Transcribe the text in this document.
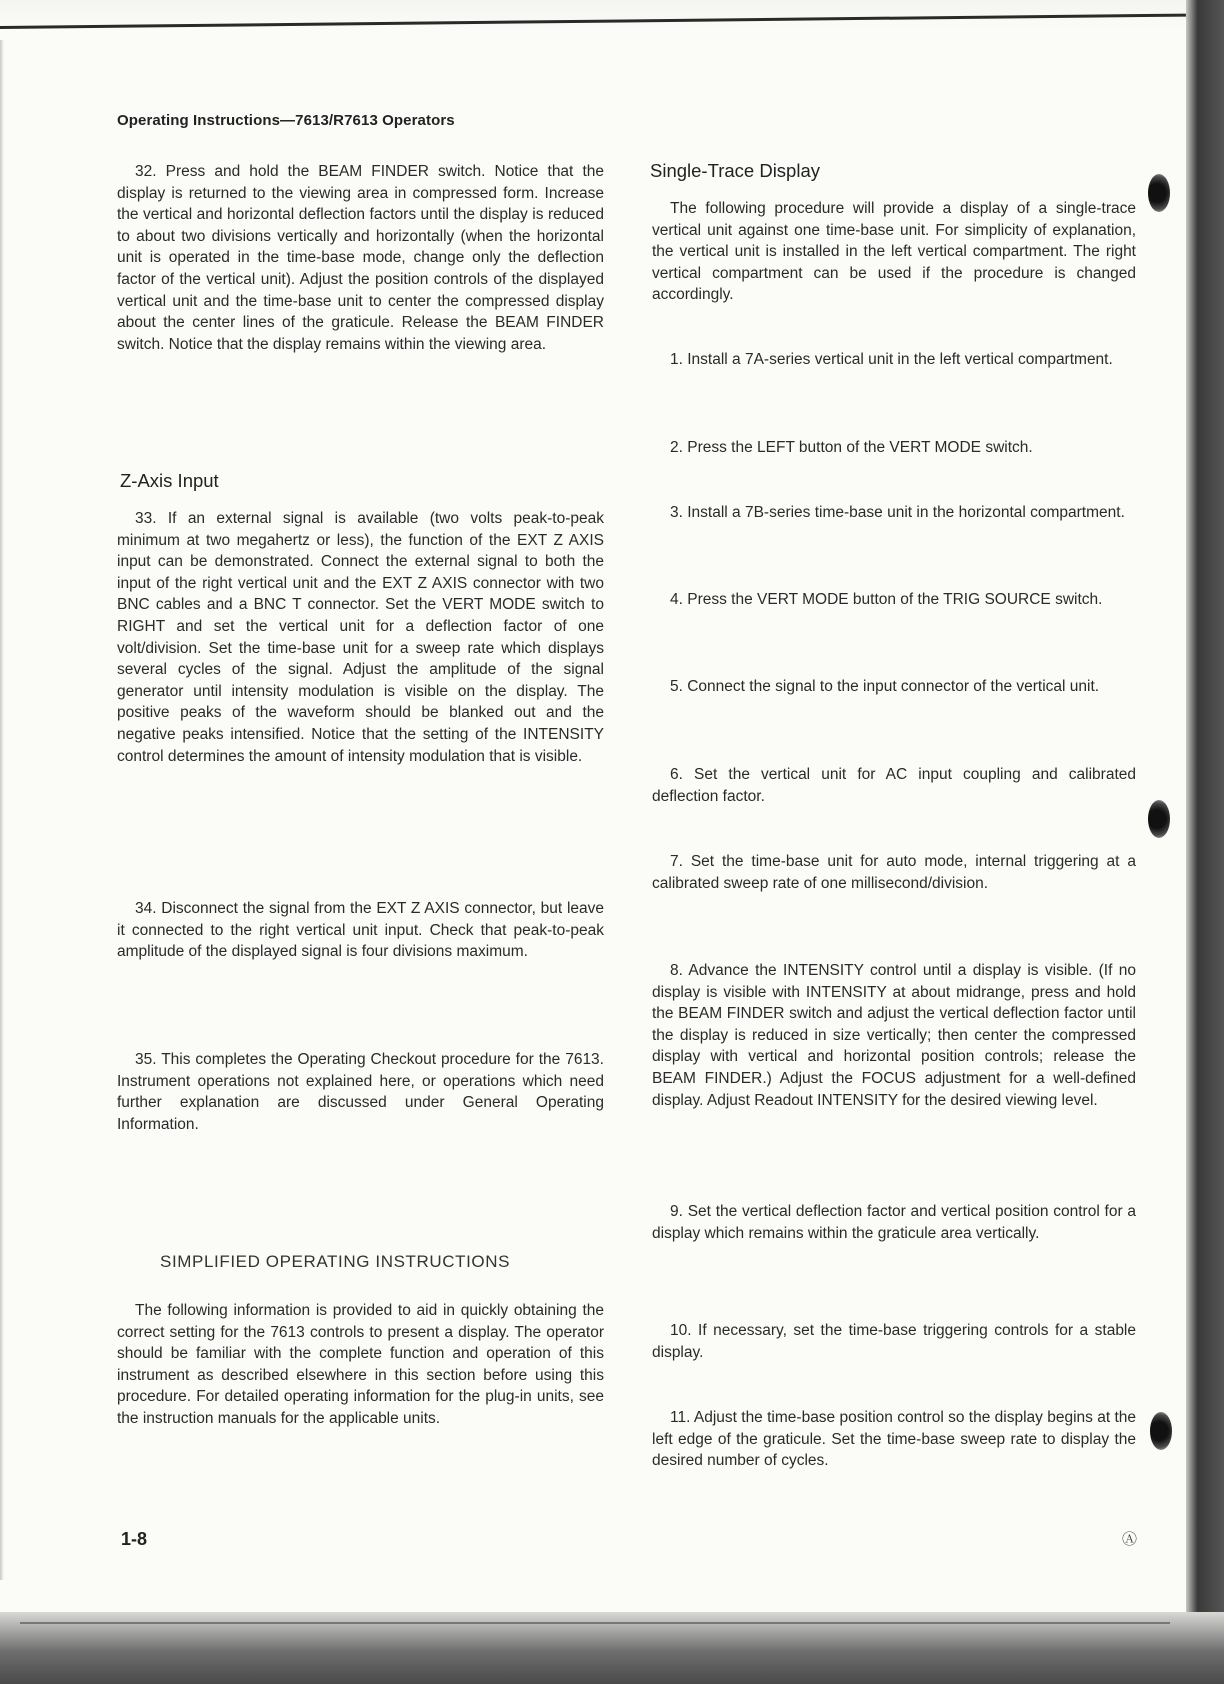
Operating Instructions—7613/R7613 Operators

32. Press and hold the BEAM FINDER switch. Notice that the display is returned to the viewing area in compressed form. Increase the vertical and horizontal deflection factors until the display is reduced to about two divisions vertically and horizontally (when the horizontal unit is operated in the time-base mode, change only the deflection factor of the vertical unit). Adjust the position controls of the displayed vertical unit and the time-base unit to center the compressed display about the center lines of the graticule. Release the BEAM FINDER switch. Notice that the display remains within the viewing area.

Z-Axis Input

33. If an external signal is available (two volts peak-to-peak minimum at two megahertz or less), the function of the EXT Z AXIS input can be demonstrated. Connect the external signal to both the input of the right vertical unit and the EXT Z AXIS connector with two BNC cables and a BNC T connector. Set the VERT MODE switch to RIGHT and set the vertical unit for a deflection factor of one volt/division. Set the time-base unit for a sweep rate which displays several cycles of the signal. Adjust the amplitude of the signal generator until intensity modulation is visible on the display. The positive peaks of the waveform should be blanked out and the negative peaks intensified. Notice that the setting of the INTENSITY control determines the amount of intensity modulation that is visible.

34. Disconnect the signal from the EXT Z AXIS connector, but leave it connected to the right vertical unit input. Check that peak-to-peak amplitude of the displayed signal is four divisions maximum.

35. This completes the Operating Checkout procedure for the 7613. Instrument operations not explained here, or operations which need further explanation are discussed under General Operating Information.

SIMPLIFIED OPERATING INSTRUCTIONS

The following information is provided to aid in quickly obtaining the correct setting for the 7613 controls to present a display. The operator should be familiar with the complete function and operation of this instrument as described elsewhere in this section before using this procedure. For detailed operating information for the plug-in units, see the instruction manuals for the applicable units.

Single-Trace Display

The following procedure will provide a display of a single-trace vertical unit against one time-base unit. For simplicity of explanation, the vertical unit is installed in the left vertical compartment. The right vertical compartment can be used if the procedure is changed accordingly.

1. Install a 7A-series vertical unit in the left vertical compartment.

2. Press the LEFT button of the VERT MODE switch.

3. Install a 7B-series time-base unit in the horizontal compartment.

4. Press the VERT MODE button of the TRIG SOURCE switch.

5. Connect the signal to the input connector of the vertical unit.

6. Set the vertical unit for AC input coupling and calibrated deflection factor.

7. Set the time-base unit for auto mode, internal triggering at a calibrated sweep rate of one millisecond/division.

8. Advance the INTENSITY control until a display is visible. (If no display is visible with INTENSITY at about midrange, press and hold the BEAM FINDER switch and adjust the vertical deflection factor until the display is reduced in size vertically; then center the compressed display with vertical and horizontal position controls; release the BEAM FINDER.) Adjust the FOCUS adjustment for a well-defined display. Adjust Readout INTENSITY for the desired viewing level.

9. Set the vertical deflection factor and vertical position control for a display which remains within the graticule area vertically.

10. If necessary, set the time-base triggering controls for a stable display.

11. Adjust the time-base position control so the display begins at the left edge of the graticule. Set the time-base sweep rate to display the desired number of cycles.

1-8	Ⓐ
